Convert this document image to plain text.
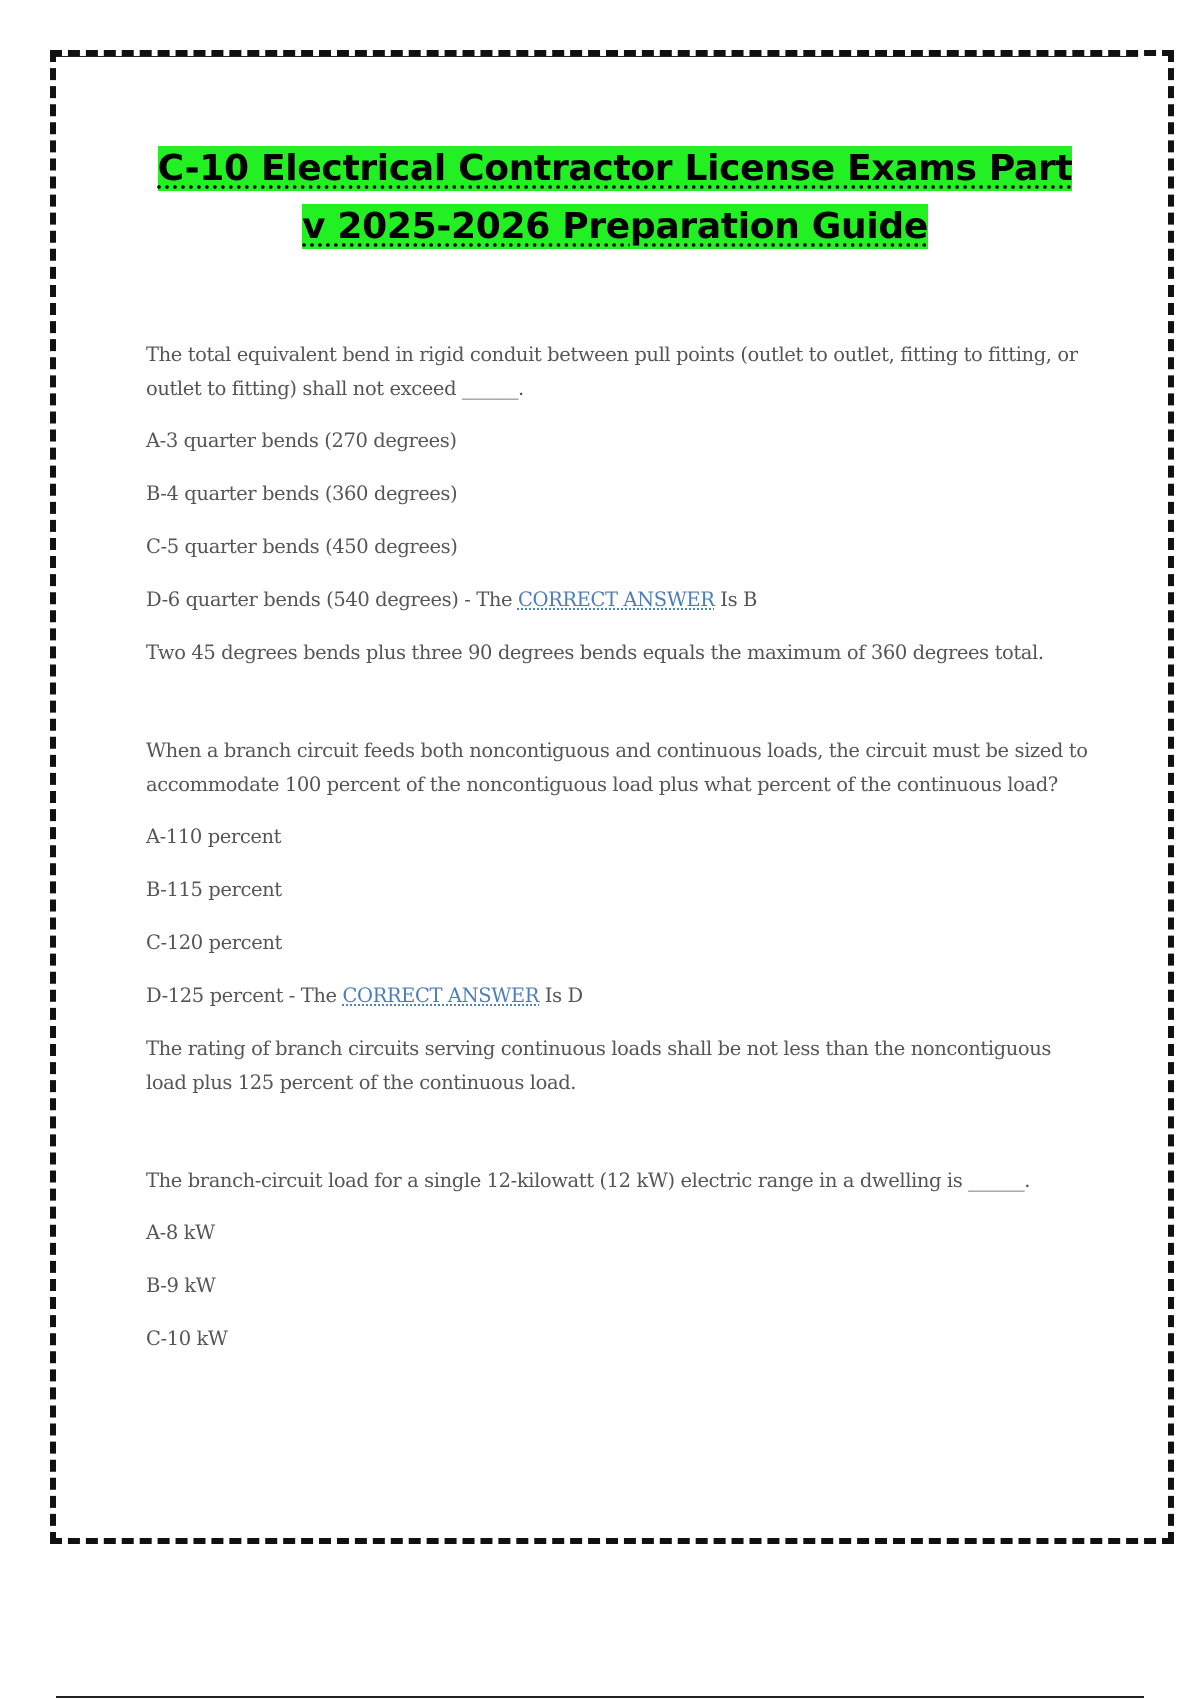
C-10 Electrical Contractor License Exams Part
v 2025-2026 Preparation Guide

The total equivalent bend in rigid conduit between pull points (outlet to outlet, fitting to fitting, or outlet to fitting) shall not exceed ______.

A-3 quarter bends (270 degrees)

B-4 quarter bends (360 degrees)

C-5 quarter bends (450 degrees)

D-6 quarter bends (540 degrees) - The CORRECT ANSWER Is B

Two 45 degrees bends plus three 90 degrees bends equals the maximum of 360 degrees total.

When a branch circuit feeds both noncontiguous and continuous loads, the circuit must be sized to accommodate 100 percent of the noncontiguous load plus what percent of the continuous load?

A-110 percent

B-115 percent

C-120 percent

D-125 percent - The CORRECT ANSWER Is D

The rating of branch circuits serving continuous loads shall be not less than the noncontiguous load plus 125 percent of the continuous load.

The branch-circuit load for a single 12-kilowatt (12 kW) electric range in a dwelling is ______.

A-8 kW

B-9 kW

C-10 kW
